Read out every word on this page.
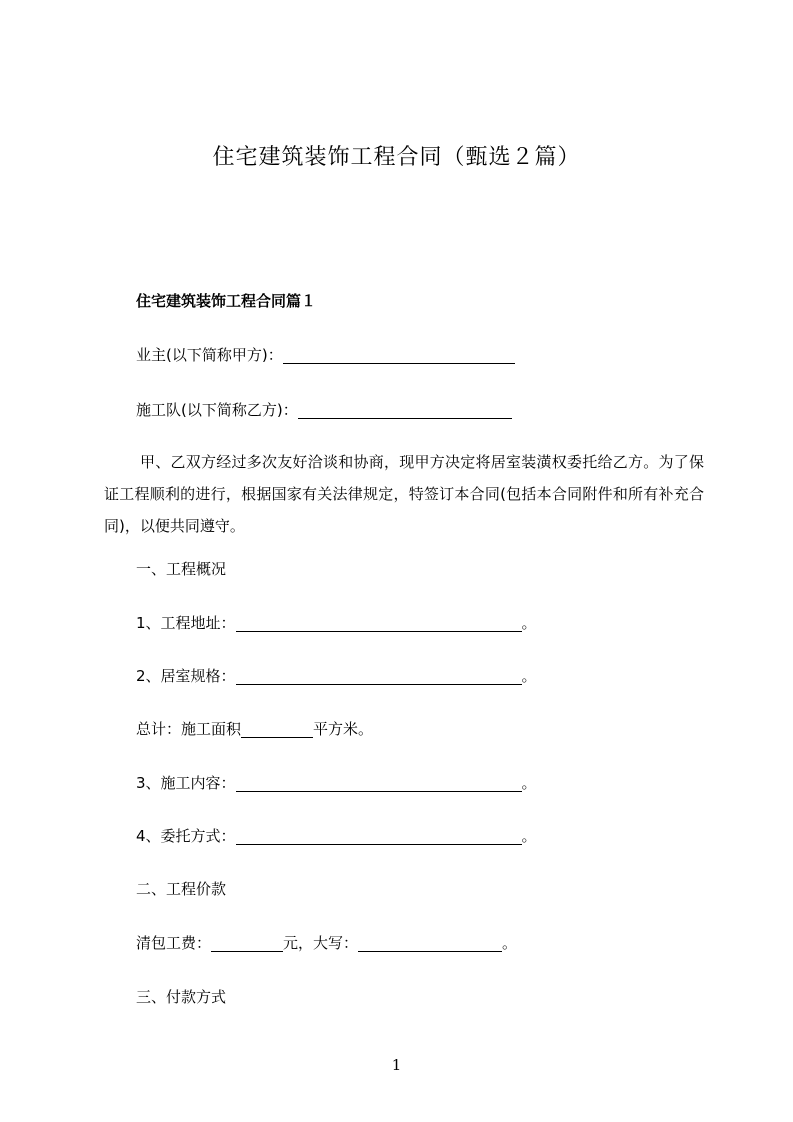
住宅建筑装饰工程合同（甄选２篇）
住宅建筑装饰工程合同篇１
业主(以下简称甲方)：
施工队(以下简称乙方)：
甲、乙双方经过多次友好洽谈和协商，现甲方决定将居室装潢权委托给乙方。为了保证工程顺利的进行，根据国家有关法律规定，特签订本合同(包括本合同附件和所有补充合同)，以便共同遵守。
一、工程概况
1、工程地址：	。
2、居室规格：	。
总计：施工面积	平方米。
3、施工内容：	。
4、委托方式：	。
二、工程价款
清包工费：	元，大写：	。
三、付款方式
1
